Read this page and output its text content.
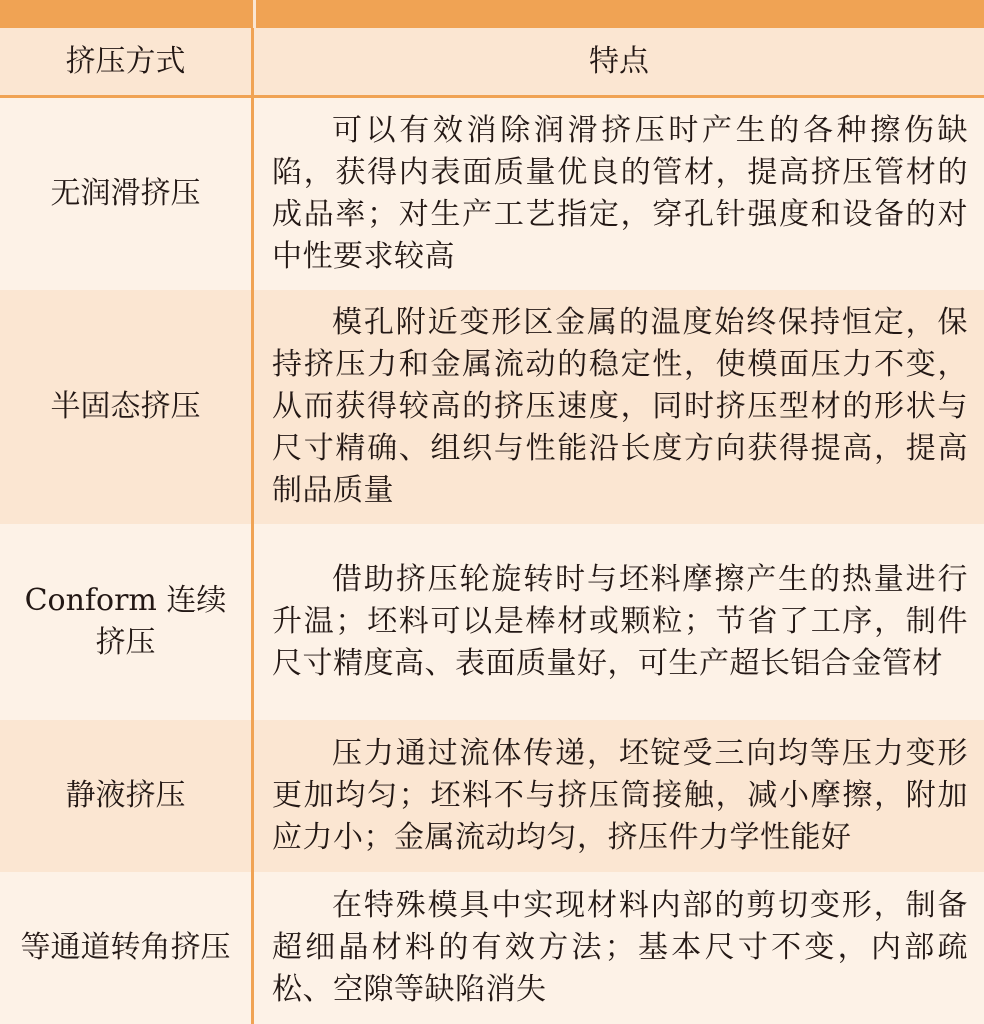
挤压方式	特点
无润滑挤压

可以有效消除润滑挤压时产生的各种擦伤缺陷，获得内表面质量优良的管材，提高挤压管材的成品率；对生产工艺指定，穿孔针强度和设备的对中性要求较高

半固态挤压

模孔附近变形区金属的温度始终保持恒定，保持挤压力和金属流动的稳定性，使模面压力不变，从而获得较高的挤压速度，同时挤压型材的形状与尺寸精确、组织与性能沿长度方向获得提高，提高制品质量

Conform 连续挤压

借助挤压轮旋转时与坯料摩擦产生的热量进行升温；坯料可以是棒材或颗粒；节省了工序，制件尺寸精度高、表面质量好，可生产超长铝合金管材

静液挤压

压力通过流体传递，坯锭受三向均等压力变形更加均匀；坯料不与挤压筒接触，减小摩擦，附加应力小；金属流动均匀，挤压件力学性能好

等通道转角挤压

在特殊模具中实现材料内部的剪切变形，制备超细晶材料的有效方法；基本尺寸不变，内部疏松、空隙等缺陷消失
